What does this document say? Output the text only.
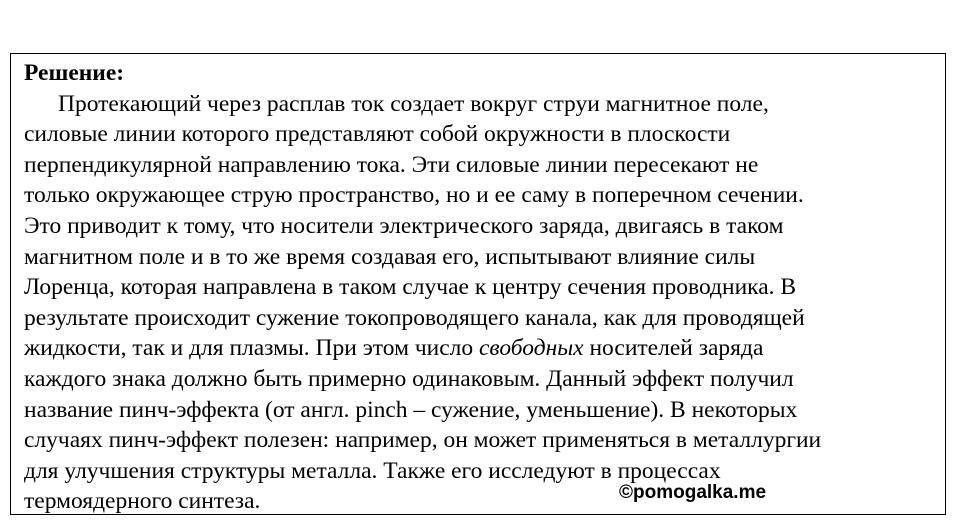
Решение:
Протекающий через расплав ток создает вокруг струи магнитное поле,
силовые линии которого представляют собой окружности в плоскости
перпендикулярной направлению тока. Эти силовые линии пересекают не
только окружающее струю пространство, но и ее саму в поперечном сечении.
Это приводит к тому, что носители электрического заряда, двигаясь в таком
магнитном поле и в то же время создавая его, испытывают влияние силы
Лоренца, которая направлена в таком случае к центру сечения проводника. В
результате происходит сужение токопроводящего канала, как для проводящей
жидкости, так и для плазмы. При этом число свободных носителей заряда
каждого знака должно быть примерно одинаковым. Данный эффект получил
название пинч-эффекта (от англ. pinch – сужение, уменьшение). В некоторых
случаях пинч-эффект полезен: например, он может применяться в металлургии
для улучшения структуры металла. Также его исследуют в процессах
термоядерного синтеза.	©pomogalka.me
